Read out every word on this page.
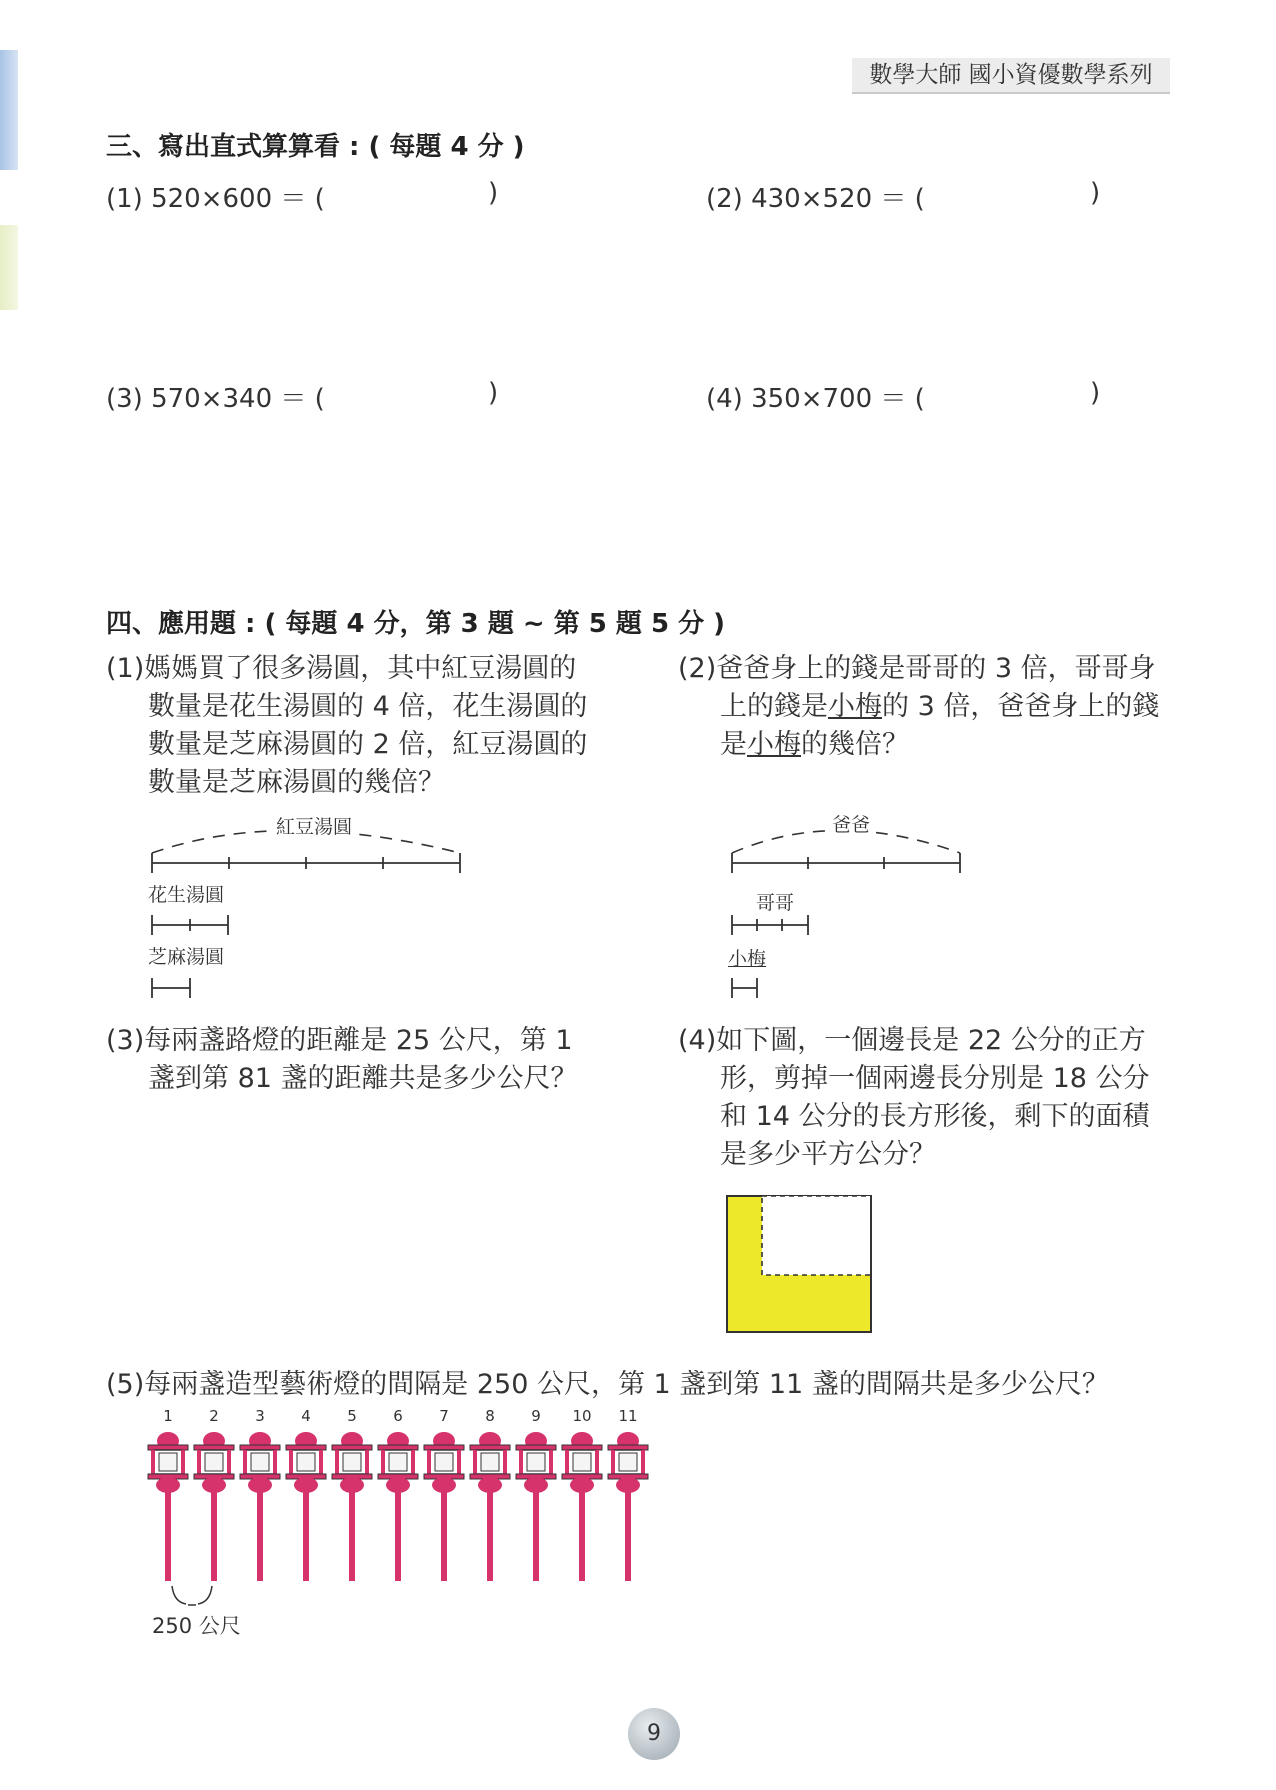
數學大師 國小資優數學系列
三、寫出直式算算看 : ( 每題 4 分 )
(1) 520×600 ＝ (	)	(2) 430×520 ＝ (	)
(3) 570×340 ＝ (	)	(4) 350×700 ＝ (	)
四、應用題 : ( 每題 4 分，第 3 題 ~ 第 5 題 5 分 )
(1)媽媽買了很多湯圓，其中紅豆湯圓的
數量是花生湯圓的 4 倍，花生湯圓的
數量是芝麻湯圓的 2 倍，紅豆湯圓的
數量是芝麻湯圓的幾倍？
(2)爸爸身上的錢是哥哥的 3 倍，哥哥身
上的錢是小梅的 3 倍，爸爸身上的錢
是小梅的幾倍？
紅豆湯圓
花生湯圓
芝麻湯圓
爸爸
哥哥
小梅
(3)每兩盞路燈的距離是 25 公尺，第 1
盞到第 81 盞的距離共是多少公尺？
(4)如下圖，一個邊長是 22 公分的正方
形，剪掉一個兩邊長分別是 18 公分
和 14 公分的長方形後，剩下的面積
是多少平方公分？
(5)每兩盞造型藝術燈的間隔是 250 公尺，第 1 盞到第 11 盞的間隔共是多少公尺？
1 2 3 4 5 6 7 8 9 10 11
250 公尺
9
